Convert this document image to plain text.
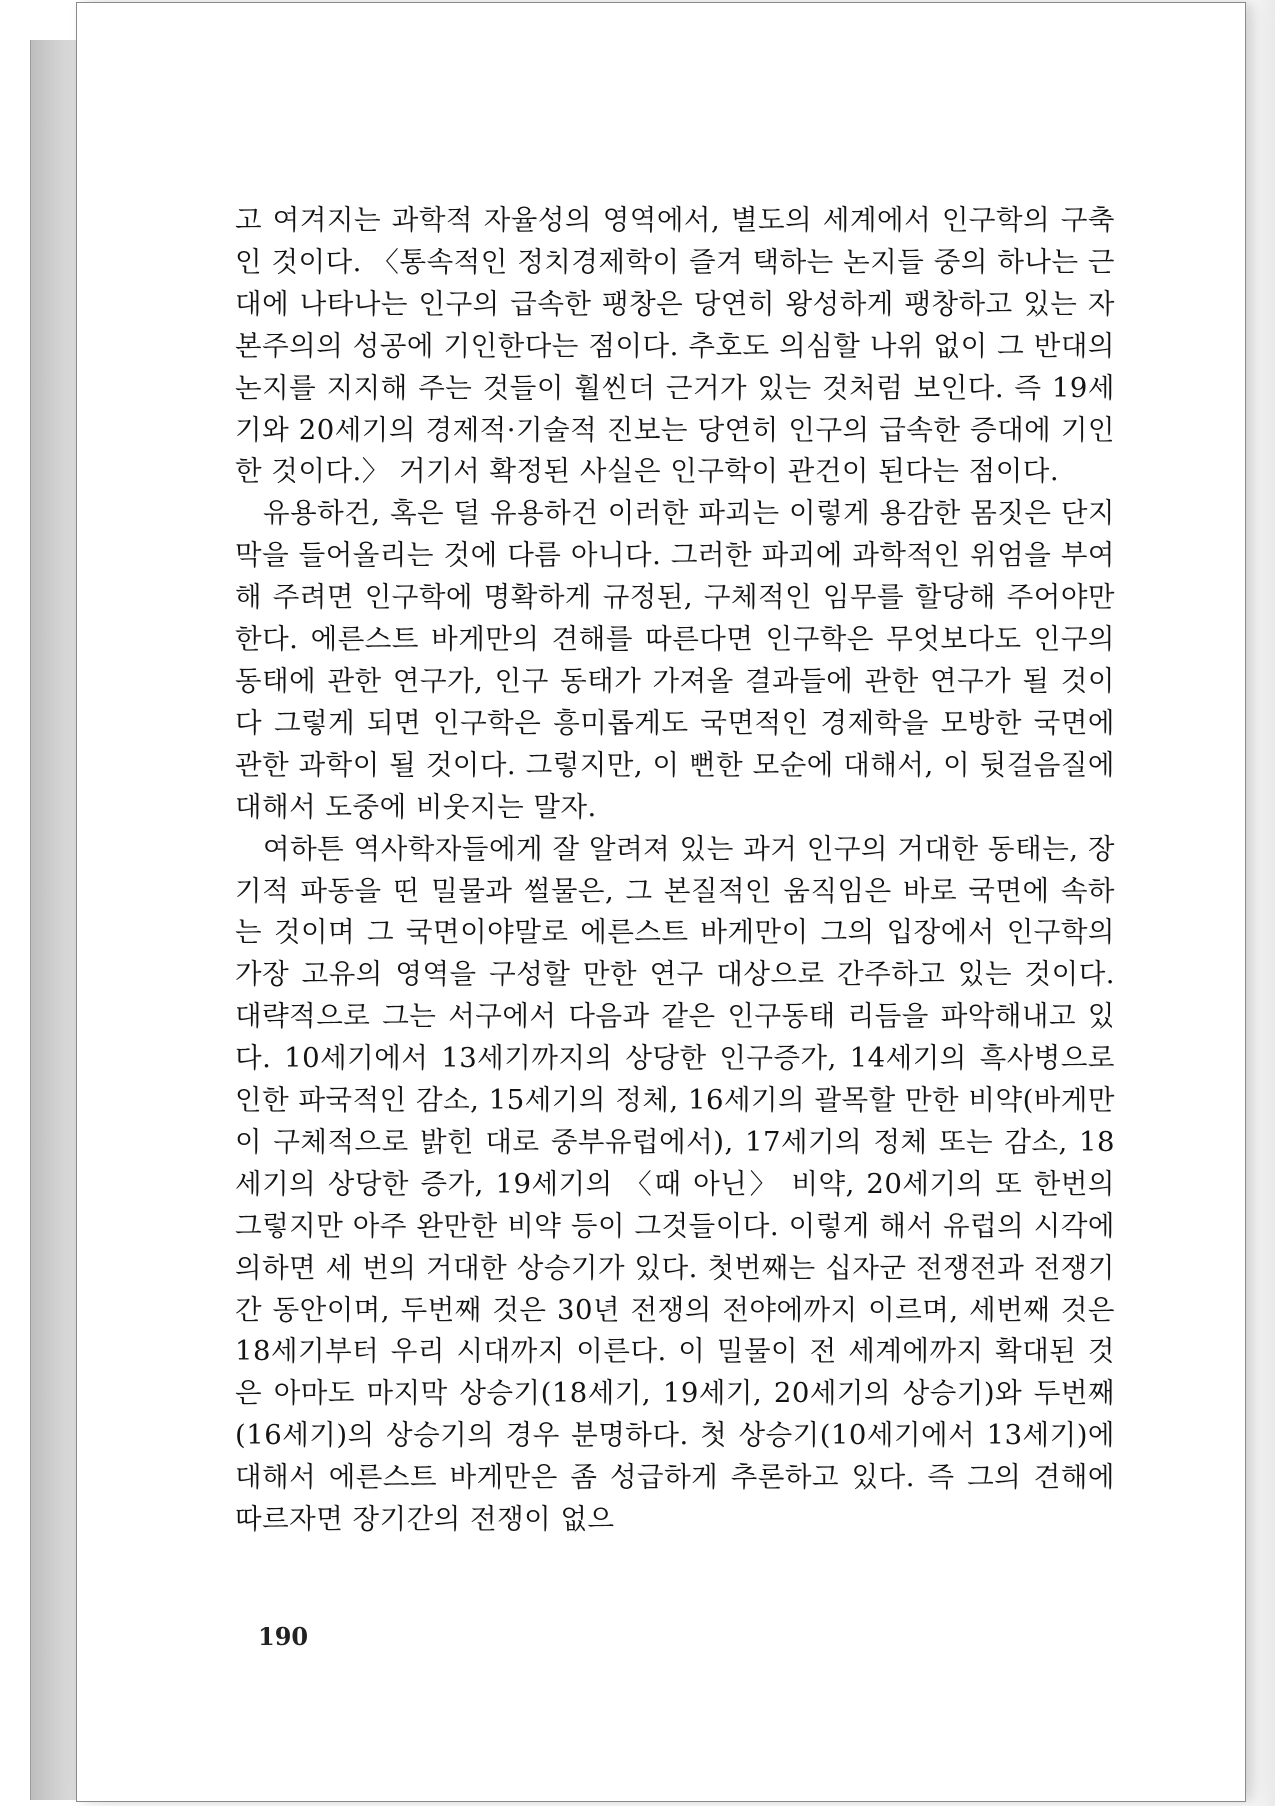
고 여겨지는 과학적 자율성의 영역에서, 별도의 세계에서 인구학의 구축인 것이다. 〈통속적인 정치경제학이 즐겨 택하는 논지들 중의 하나는 근대에 나타나는 인구의 급속한 팽창은 당연히 왕성하게 팽창하고 있는 자본주의의 성공에 기인한다는 점이다. 추호도 의심할 나위 없이 그 반대의 논지를 지지해 주는 것들이 훨씬더 근거가 있는 것처럼 보인다. 즉 19세기와 20세기의 경제적·기술적 진보는 당연히 인구의 급속한 증대에 기인한 것이다.〉 거기서 확정된 사실은 인구학이 관건이 된다는 점이다.

유용하건, 혹은 덜 유용하건 이러한 파괴는 이렇게 용감한 몸짓은 단지 막을 들어올리는 것에 다름 아니다. 그러한 파괴에 과학적인 위엄을 부여해 주려면 인구학에 명확하게 규정된, 구체적인 임무를 할당해 주어야만 한다. 에른스트 바게만의 견해를 따른다면 인구학은 무엇보다도 인구의 동태에 관한 연구가, 인구 동태가 가져올 결과들에 관한 연구가 될 것이다 그렇게 되면 인구학은 흥미롭게도 국면적인 경제학을 모방한 국면에 관한 과학이 될 것이다. 그렇지만, 이 뻔한 모순에 대해서, 이 뒷걸음질에 대해서 도중에 비웃지는 말자.

여하튼 역사학자들에게 잘 알려져 있는 과거 인구의 거대한 동태는, 장기적 파동을 띤 밀물과 썰물은, 그 본질적인 움직임은 바로 국면에 속하는 것이며 그 국면이야말로 에른스트 바게만이 그의 입장에서 인구학의 가장 고유의 영역을 구성할 만한 연구 대상으로 간주하고 있는 것이다. 대략적으로 그는 서구에서 다음과 같은 인구동태 리듬을 파악해내고 있다. 10세기에서 13세기까지의 상당한 인구증가, 14세기의 흑사병으로 인한 파국적인 감소, 15세기의 정체, 16세기의 괄목할 만한 비약(바게만이 구체적으로 밝힌 대로 중부유럽에서), 17세기의 정체 또는 감소, 18세기의 상당한 증가, 19세기의 〈때 아닌〉 비약, 20세기의 또 한번의 그렇지만 아주 완만한 비약 등이 그것들이다. 이렇게 해서 유럽의 시각에 의하면 세 번의 거대한 상승기가 있다. 첫번째는 십자군 전쟁전과 전쟁기간 동안이며, 두번째 것은 30년 전쟁의 전야에까지 이르며, 세번째 것은 18세기부터 우리 시대까지 이른다. 이 밀물이 전 세계에까지 확대된 것은 아마도 마지막 상승기(18세기, 19세기, 20세기의 상승기)와 두번째(16세기)의 상승기의 경우 분명하다. 첫 상승기(10세기에서 13세기)에 대해서 에른스트 바게만은 좀 성급하게 추론하고 있다. 즉 그의 견해에 따르자면 장기간의 전쟁이 없으

190
